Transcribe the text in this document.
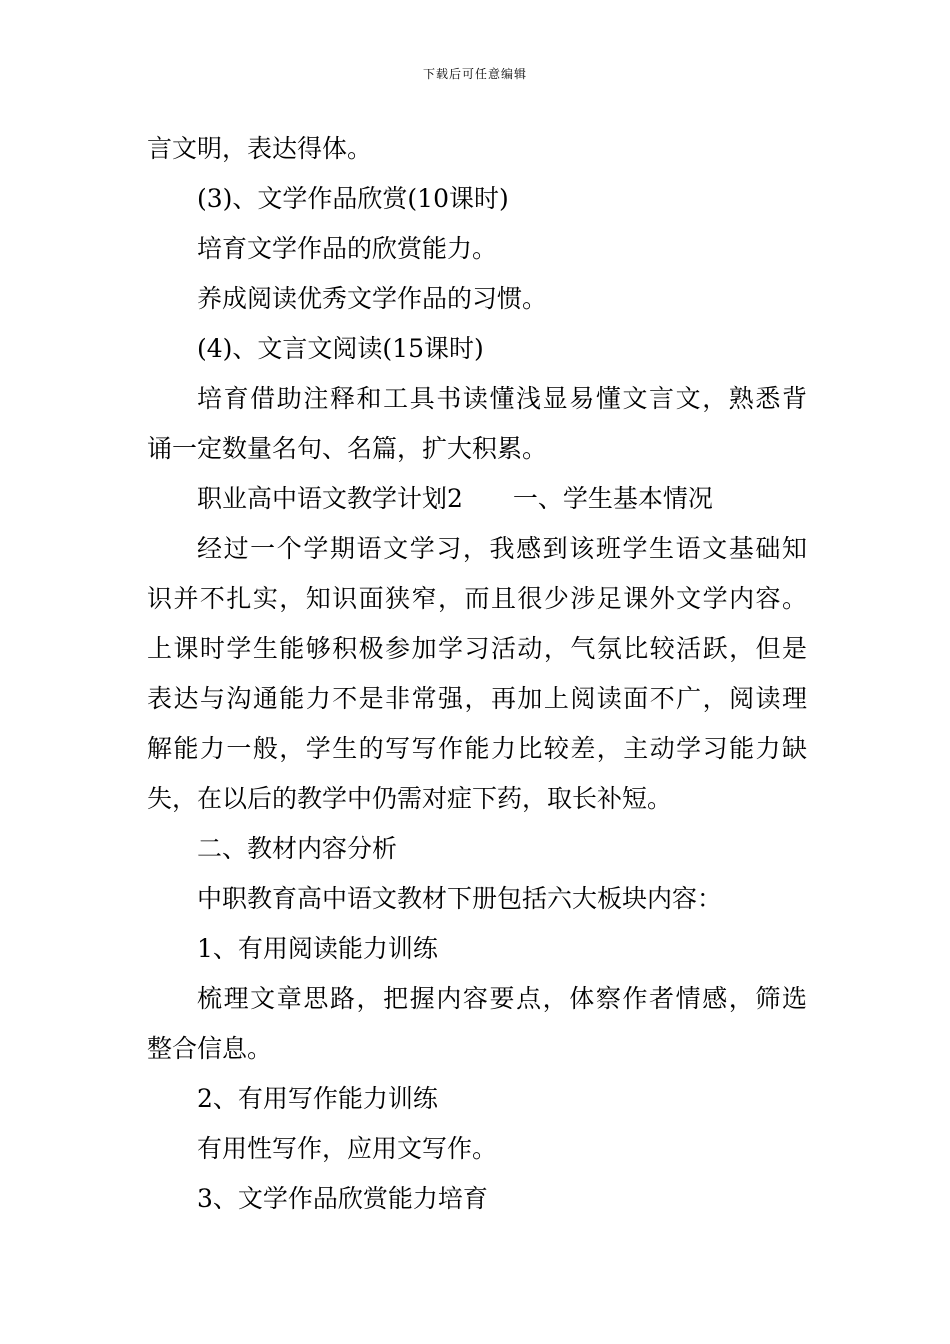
下载后可任意编辑

言文明，表达得体。

(3)、文学作品欣赏(10课时)

培育文学作品的欣赏能力。

养成阅读优秀文学作品的习惯。

(4)、文言文阅读(15课时)

培育借助注释和工具书读懂浅显易懂文言文，熟悉背

诵一定数量名句、名篇，扩大积累。

职业高中语文教学计划2　　一、学生基本情况

经过一个学期语文学习，我感到该班学生语文基础知

识并不扎实，知识面狭窄，而且很少涉足课外文学内容。

上课时学生能够积极参加学习活动，气氛比较活跃，但是

表达与沟通能力不是非常强，再加上阅读面不广，阅读理

解能力一般，学生的写写作能力比较差，主动学习能力缺

失，在以后的教学中仍需对症下药，取长补短。

二、教材内容分析

中职教育高中语文教材下册包括六大板块内容：

1、有用阅读能力训练

梳理文章思路，把握内容要点，体察作者情感，筛选

整合信息。

2、有用写作能力训练

有用性写作，应用文写作。

3、文学作品欣赏能力培育
